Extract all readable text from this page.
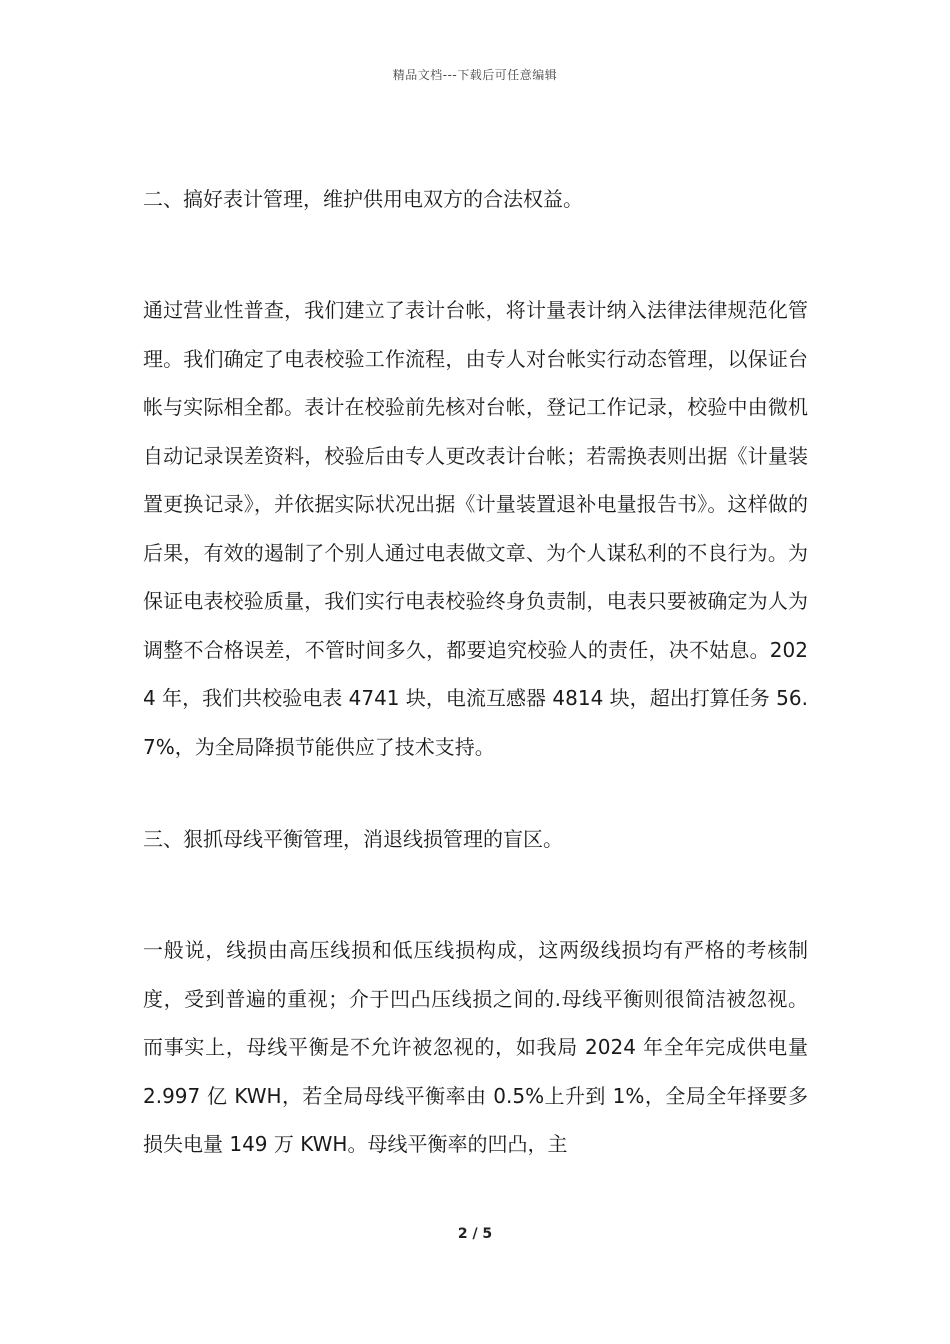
精品文档---下载后可任意编辑
二、搞好表计管理，维护供用电双方的合法权益。

通过营业性普查，我们建立了表计台帐，将计量表计纳入法律法律规范化管理。我们确定了电表校验工作流程，由专人对台帐实行动态管理，以保证台帐与实际相全都。表计在校验前先核对台帐，登记工作记录，校验中由微机自动记录误差资料，校验后由专人更改表计台帐；若需换表则出据《计量装置更换记录》，并依据实际状况出据《计量装置退补电量报告书》。这样做的后果，有效的遏制了个别人通过电表做文章、为个人谋私利的不良行为。为保证电表校验质量，我们实行电表校验终身负责制，电表只要被确定为人为调整不合格误差，不管时间多久，都要追究校验人的责任，决不姑息。2024 年，我们共校验电表 4741 块，电流互感器 4814 块，超出打算任务 56.7%，为全局降损节能供应了技术支持。

三、狠抓母线平衡管理，消退线损管理的盲区。

一般说，线损由高压线损和低压线损构成，这两级线损均有严格的考核制度，受到普遍的重视；介于凹凸压线损之间的.母线平衡则很简洁被忽视。而事实上，母线平衡是不允许被忽视的，如我局 2024 年全年完成供电量 2.997 亿 KWH，若全局母线平衡率由 0.5%上升到 1%，全局全年择要多损失电量 149 万 KWH。母线平衡率的凹凸，主

2 / 5
